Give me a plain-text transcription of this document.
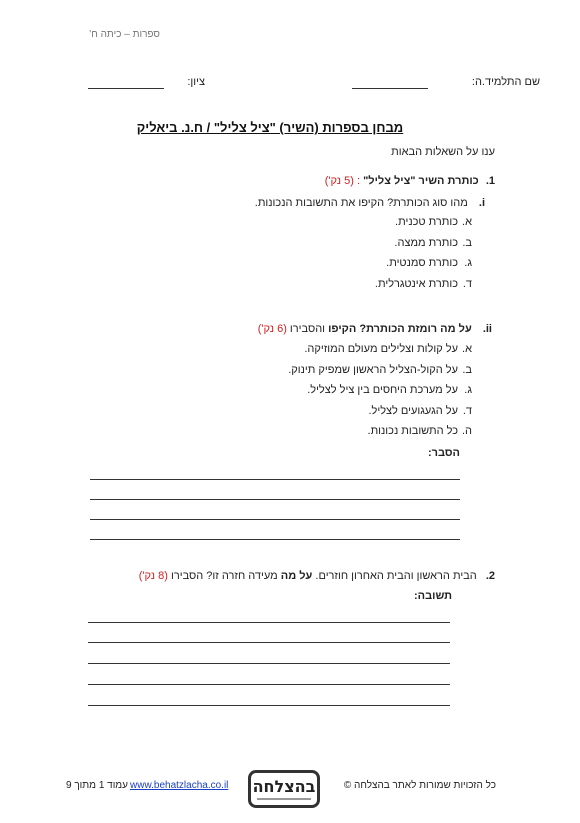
ספרות – כיתה ח'
שם התלמיד.ה:
ציון:
מבחן בספרות (השיר) "ציל צליל" / ח.נ. ביאליק
ענו על השאלות הבאות
1. כותרת השיר "ציל צליל" : (5 נק')
i. מהו סוג הכותרת? הקיפו את התשובות הנכונות.
א.
כותרת טכנית.
ב.
כותרת ממצה.
ג.
כותרת סמנטית.
ד.
כותרת אינטגרלית.
ii. על מה רומזת הכותרת? הקיפו והסבירו (6 נק')
א.
על קולות וצלילים מעולם המוזיקה.
ב.
על הקול-הצליל הראשון שמפיק תינוק.
ג.
על מערכת היחסים בין ציל לצליל.
ד.
על הגעגועים לצליל.
ה.
כל התשובות נכונות.
הסבר:
2. הבית הראשון והבית האחרון חוזרים. על מה מעידה חזרה זו? הסבירו (8 נק')
תשובה:
כל הזכויות שמורות לאתר בהצלחה ©
בהצלחה
www.behatzlacha.co.il
עמוד 1 מתוך 9
